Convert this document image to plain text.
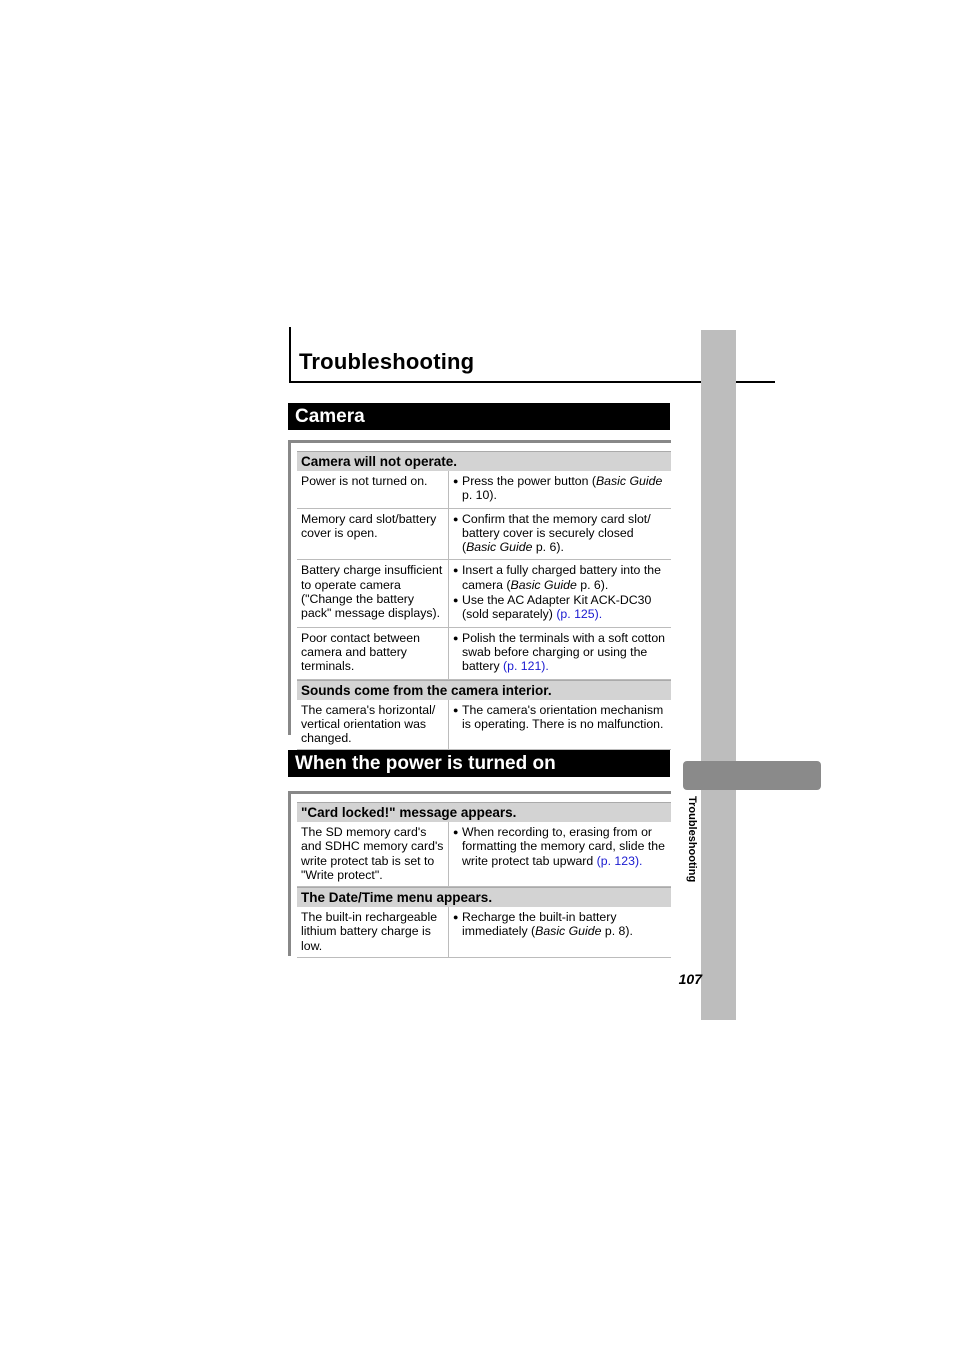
Troubleshooting
Troubleshooting
107
Camera
Camera will not operate.
Power is not turned on.

●	Press the power button (Basic Guide p. 10).

Memory card slot/battery cover is open.

● Confirm that the memory card slot/ battery cover is securely closed (Basic Guide p. 6).

Battery charge insufficient to operate camera ("Change the battery pack" message displays).

● Insert a fully charged battery into the camera (Basic Guide p. 6).

● Use the AC Adapter Kit ACK-DC30 (sold separately) (p. 125).

Poor contact between camera and battery terminals.

● Polish the terminals with a soft cotton swab before charging or using the battery (p. 121).

Sounds come from the camera interior.
The camera's horizontal/ vertical orientation was changed.

● The camera's orientation mechanism is operating. There is no malfunction.

When the power is turned on
"Card locked!" message appears.
The SD memory card's and SDHC memory card's write protect tab is set to "Write protect".

● When recording to, erasing from or formatting the memory card, slide the write protect tab upward (p. 123).

The Date/Time menu appears.
The built-in rechargeable lithium battery charge is low.

● Recharge the built-in battery immediately (Basic Guide p. 8).
